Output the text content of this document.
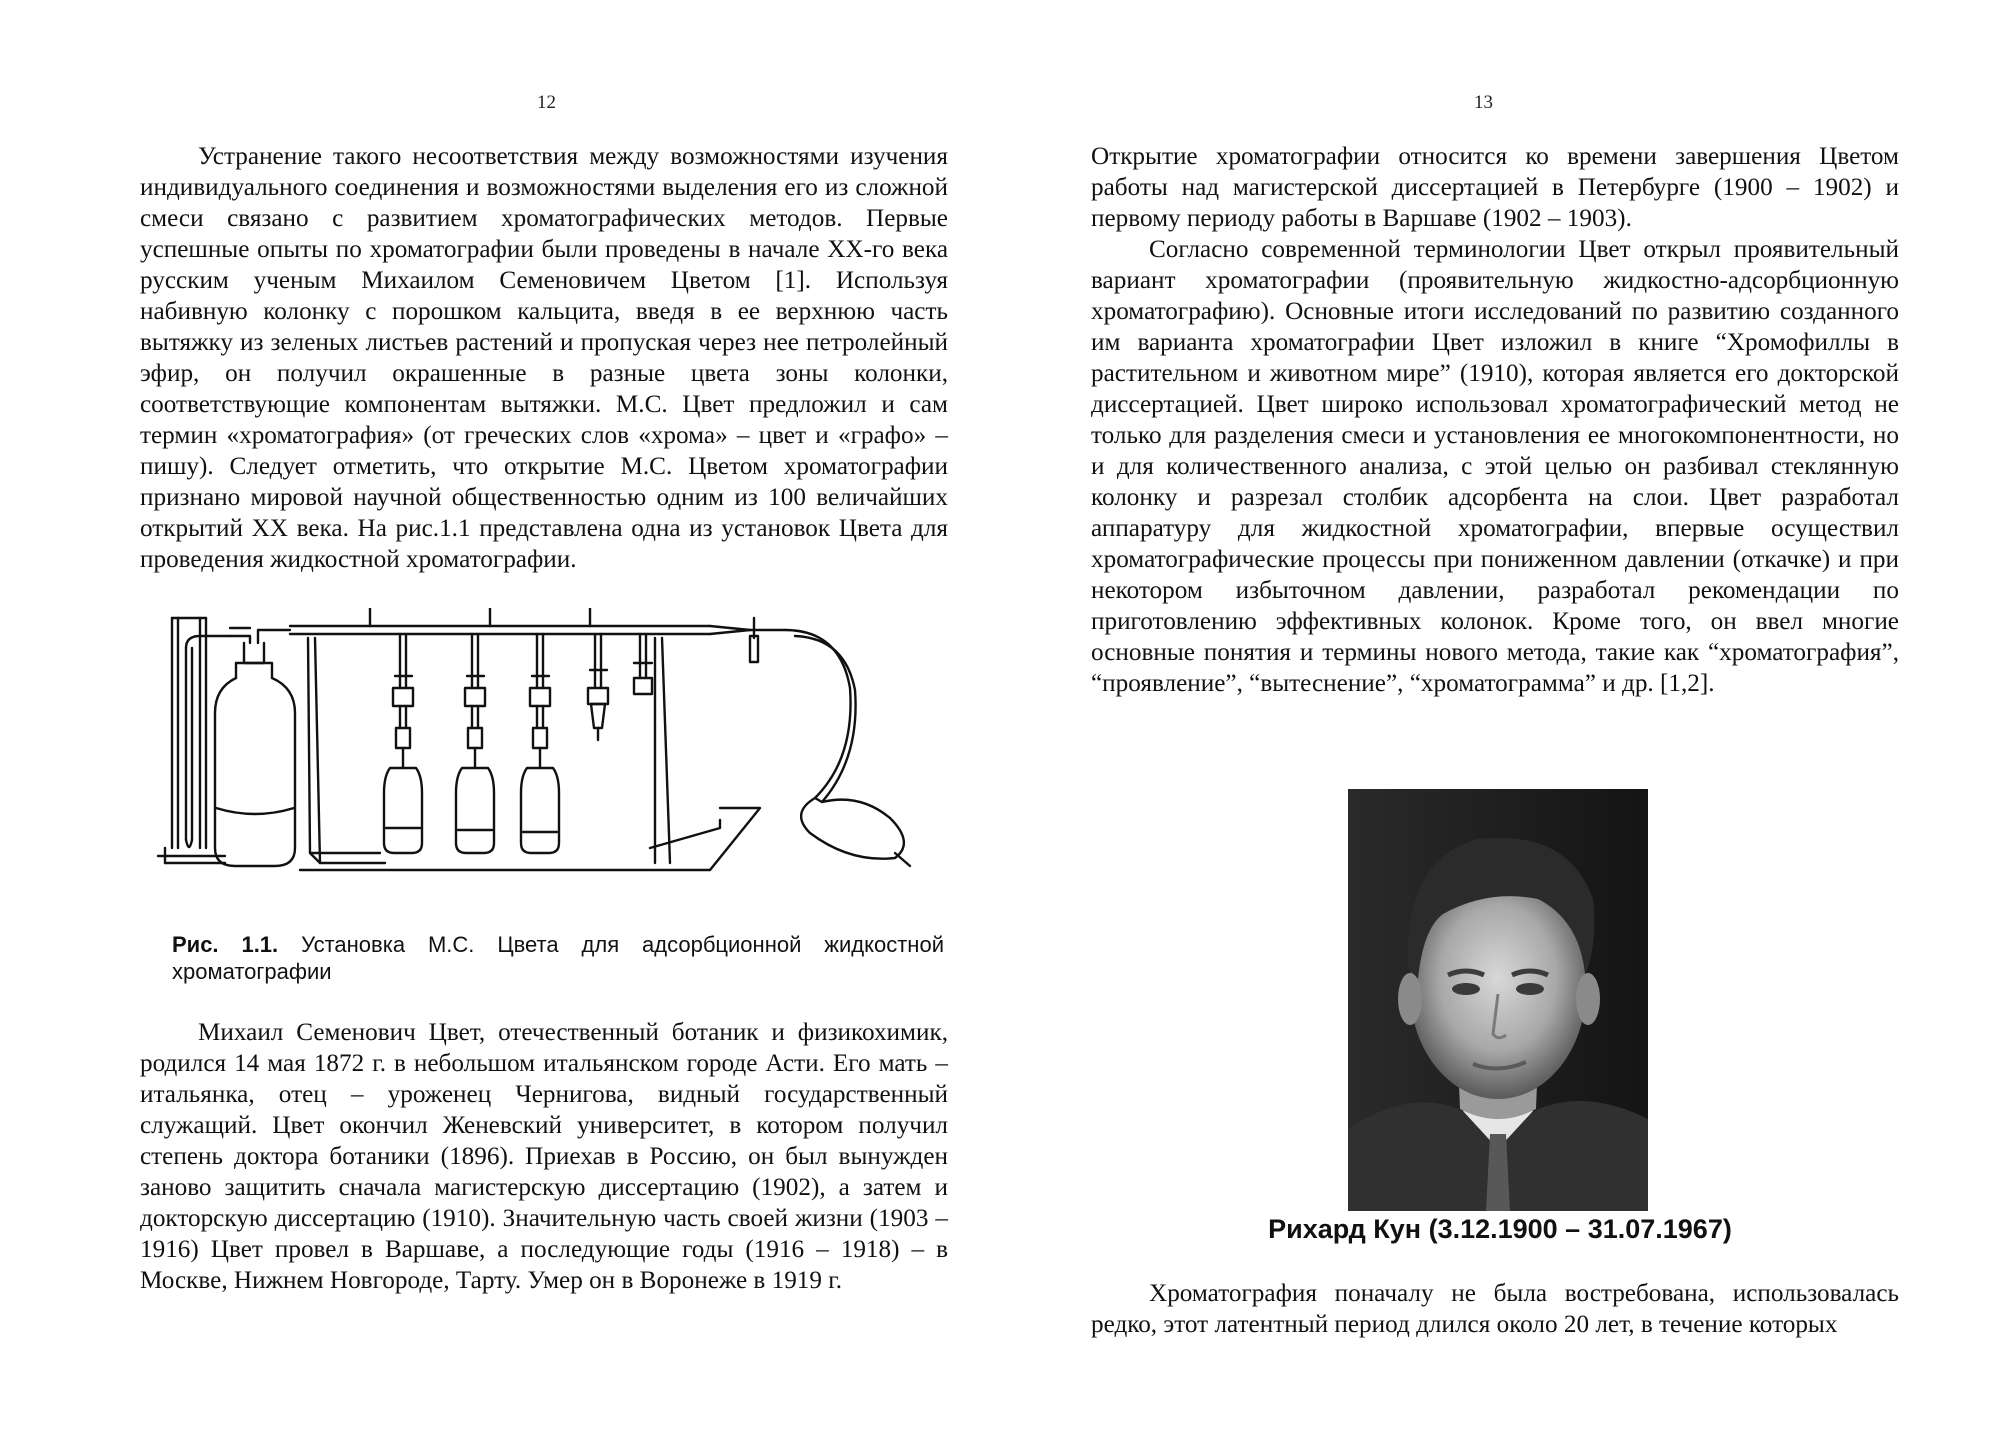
12

Устранение такого несоответствия между возможностями изучения индивидуального соединения и возможностями выделения его из сложной смеси связано с развитием хроматографических методов. Первые успешные опыты по хроматографии были проведены в начале ХХ-го века русским ученым Михаилом Семеновичем Цветом [1]. Используя набивную колонку с порошком кальцита, введя в ее верхнюю часть вытяжку из зеленых листьев растений и пропуская через нее петролейный эфир, он получил окрашенные в разные цвета зоны колонки, соответствующие компонентам вытяжки. М.С. Цвет предложил и сам термин «хроматография» (от греческих слов «хрома» – цвет и «графо» – пишу). Следует отметить, что открытие М.С. Цветом хроматографии признано мировой научной общественностью одним из 100 величайших открытий XX века. На рис.1.1 представлена одна из установок Цвета для проведения жидкостной хроматографии.

Рис. 1.1. Установка М.С. Цвета для адсорбционной жидкостной хроматографии

Михаил Семенович Цвет, отечественный ботаник и физикохимик, родился 14 мая 1872 г. в небольшом итальянском городе Асти. Его мать – итальянка, отец – уроженец Чернигова, видный государственный служащий. Цвет окончил Женевский университет, в котором получил степень доктора ботаники (1896). Приехав в Россию, он был вынужден заново защитить сначала магистерскую диссертацию (1902), а затем и докторскую диссертацию (1910). Значительную часть своей жизни (1903 – 1916) Цвет провел в Варшаве, а последующие годы (1916 – 1918) – в Москве, Нижнем Новгороде, Тарту. Умер он в Воронеже в 1919 г.

13

Открытие хроматографии относится ко времени завершения Цветом работы над магистерской диссертацией в Петербурге (1900 – 1902) и первому периоду работы в Варшаве (1902 – 1903).

Согласно современной терминологии Цвет открыл проявительный вариант хроматографии (проявительную жидкостно-адсорбционную хроматографию). Основные итоги исследований по развитию созданного им варианта хроматографии Цвет изложил в книге “Хромофиллы в растительном и животном мире” (1910), которая является его докторской диссертацией. Цвет широко использовал хроматографический метод не только для разделения смеси и установления ее многокомпонентности, но и для количественного анализа, с этой целью он разбивал стеклянную колонку и разрезал столбик адсорбента на слои. Цвет разработал аппаратуру для жидкостной хроматографии, впервые осуществил хроматографические процессы при пониженном давлении (откачке) и при некотором избыточном давлении, разработал рекомендации по приготовлению эффективных колонок. Кроме того, он ввел многие основные понятия и термины нового метода, такие как “хроматография”, “проявление”, “вытеснение”, “хроматограмма” и др. [1,2].

Рихард Кун (3.12.1900 – 31.07.1967)

Хроматография поначалу не была востребована, использовалась редко, этот латентный период длился около 20 лет, в течение которых
